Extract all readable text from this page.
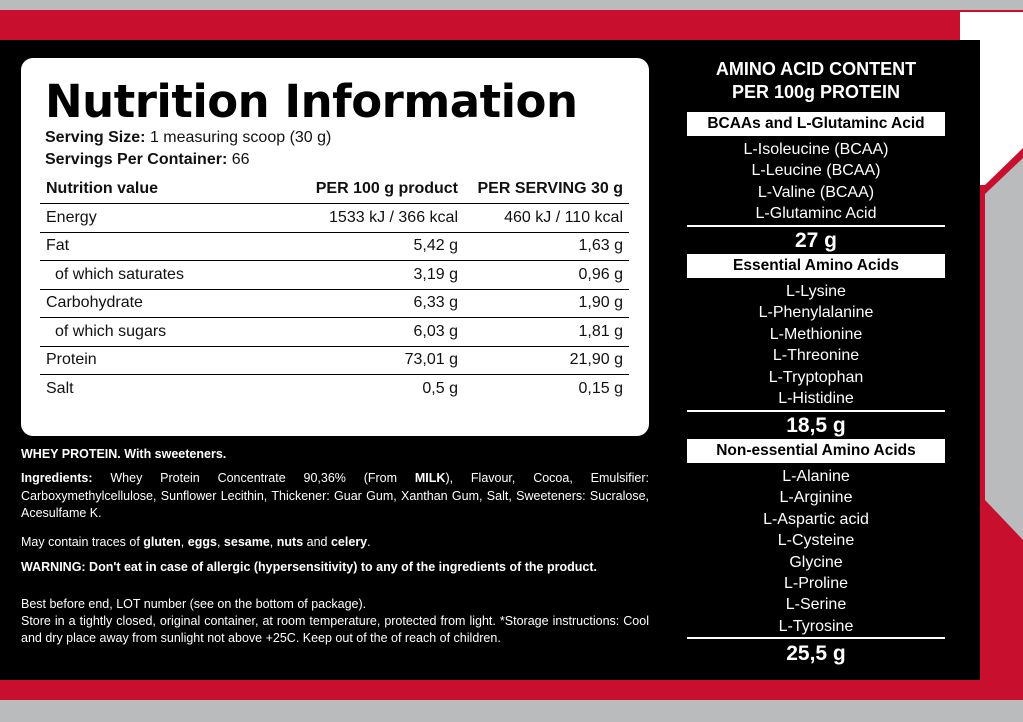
Nutrition Information
Serving Size: 1 measuring scoop (30 g)
Servings Per Container: 66
Nutrition value	PER 100 g product	PER SERVING 30 g
Energy	1533 kJ / 366 kcal	460 kJ / 110 kcal
Fat	5,42 g	1,63 g
of which saturates	3,19 g	0,96 g
Carbohydrate	6,33 g	1,90 g
of which sugars	6,03 g	1,81 g
Protein	73,01 g	21,90 g
Salt	0,5 g	0,15 g
WHEY PROTEIN. With sweeteners.
Ingredients: Whey Protein Concentrate 90,36% (From MILK), Flavour, Cocoa, Emulsifier: Carboxymethylcellulose, Sunflower Lecithin, Thickener: Guar Gum, Xanthan Gum, Salt, Sweeteners: Sucralose, Acesulfame K.
May contain traces of gluten, eggs, sesame, nuts and celery.
WARNING: Don't eat in case of allergic (hypersensitivity) to any of the ingredients of the product.
Best before end, LOT number (see on the bottom of package).
Store in a tightly closed, original container, at room temperature, protected from light. *Storage instructions: Cool and dry place away from sunlight not above +25C. Keep out of the of reach of children.
AMINO ACID CONTENT
PER 100g PROTEIN
BCAAs and L-Glutaminc Acid
L-Isoleucine (BCAA)
L-Leucine (BCAA)
L-Valine (BCAA)
L-Glutaminc Acid
27 g
Essential Amino Acids
L-Lysine
L-Phenylalanine
L-Methionine
L-Threonine
L-Tryptophan
L-Histidine
18,5 g
Non-essential Amino Acids
L-Alanine
L-Arginine
L-Aspartic acid
L-Cysteine
Glycine
L-Proline
L-Serine
L-Tyrosine
25,5 g
